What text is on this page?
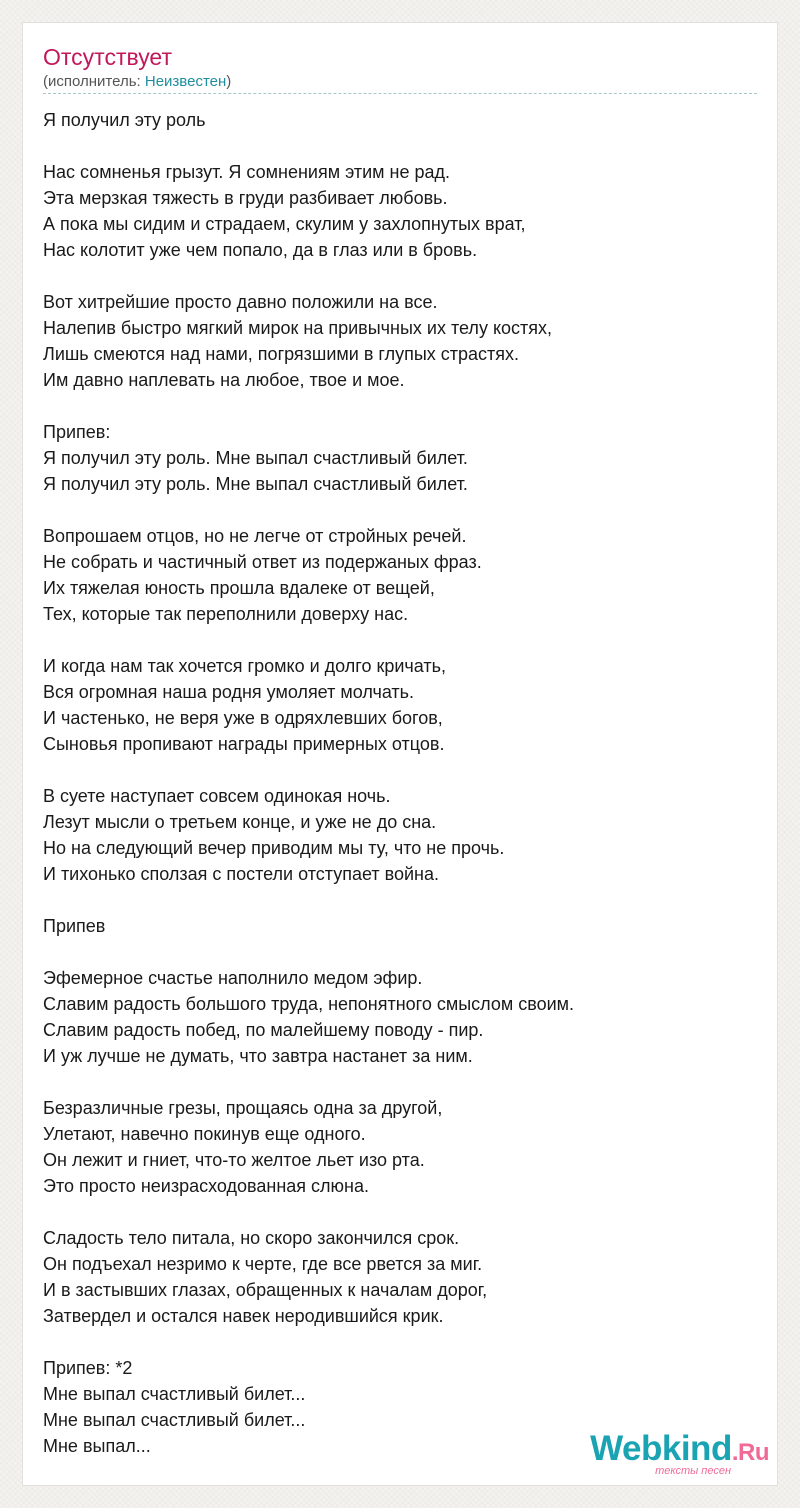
Отсутствует
(исполнитель: Неизвестен)
Я получил эту роль
Нас сомненья грызут. Я сомнениям этим не рад.
Эта мерзкая тяжесть в груди разбивает любовь.
А пока мы сидим и страдаем, скулим у захлопнутых врат,
Нас колотит уже чем попало, да в глаз или в бровь.
Вот хитрейшие просто давно положили на все.
Налепив быстро мягкий мирок на привычных их телу костях,
Лишь смеются над нами, погрязшими в глупых страстях.
Им давно наплевать на любое, твое и мое.
Припев:
Я получил эту роль. Мне выпал счастливый билет.
Я получил эту роль. Мне выпал счастливый билет.
Вопрошаем отцов, но не легче от стройных речей.
Не собрать и частичный ответ из подержаных фраз.
Их тяжелая юность прошла вдалеке от вещей,
Тех, которые так переполнили доверху нас.
И когда нам так хочется громко и долго кричать,
Вся огромная наша родня умоляет молчать.
И частенько, не веря уже в одряхлевших богов,
Сыновья пропивают награды примерных отцов.
В суете наступает совсем одинокая ночь.
Лезут мысли о третьем конце, и уже не до сна.
Но на следующий вечер приводим мы ту, что не прочь.
И тихонько сползая с постели отступает война.
Припев
Эфемерное счастье наполнило медом эфир.
Славим радость большого труда, непонятного смыслом своим.
Славим радость побед, по малейшему поводу - пир.
И уж лучше не думать, что завтра настанет за ним.
Безразличные грезы, прощаясь одна за другой,
Улетают, навечно покинув еще одного.
Он лежит и гниет, что-то желтое льет изо рта.
Это просто неизрасходованная слюна.
Сладость тело питала, но скоро закончился срок.
Он подъехал незримо к черте, где все рвется за миг.
И в застывших глазах, обращенных к началам дорог,
Затвердел и остался навек неродившийся крик.
Припев: *2
Мне выпал счастливый билет...
Мне выпал счастливый билет...
Мне выпал...	Webkind.Ru
тексты песен
